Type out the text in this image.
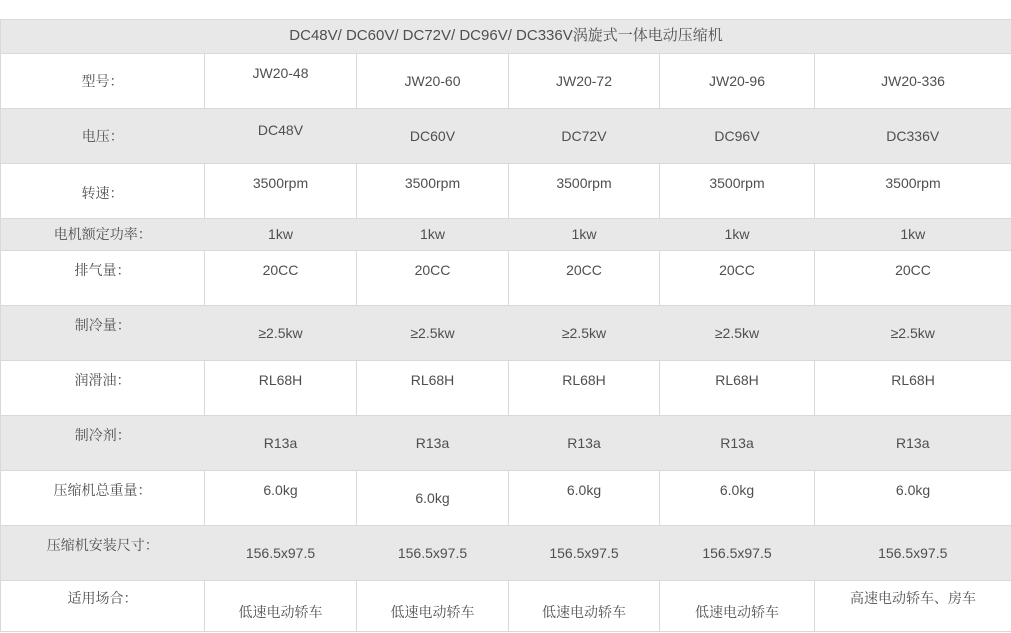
DC48V/ DC60V/ DC72V/ DC96V/ DC336V涡旋式一体电动压缩机					
型号：	JW20-48	JW20-60	JW20-72	JW20-96	JW20-336
电压：	DC48V	DC60V	DC72V	DC96V	DC336V
转速：	3500rpm	3500rpm	3500rpm	3500rpm	3500rpm
电机额定功率：	1kw	1kw	1kw	1kw	1kw
排气量：	20CC	20CC	20CC	20CC	20CC
制冷量：	≥2.5kw	≥2.5kw	≥2.5kw	≥2.5kw	≥2.5kw
润滑油：	RL68H	RL68H	RL68H	RL68H	RL68H
制冷剂：	R13a	R13a	R13a	R13a	R13a
压缩机总重量：	6.0kg	6.0kg	6.0kg	6.0kg	6.0kg
压缩机安装尺寸：	156.5x97.5	156.5x97.5	156.5x97.5	156.5x97.5	156.5x97.5
适用场合：	低速电动轿车	低速电动轿车	低速电动轿车	低速电动轿车	高速电动轿车、房车
